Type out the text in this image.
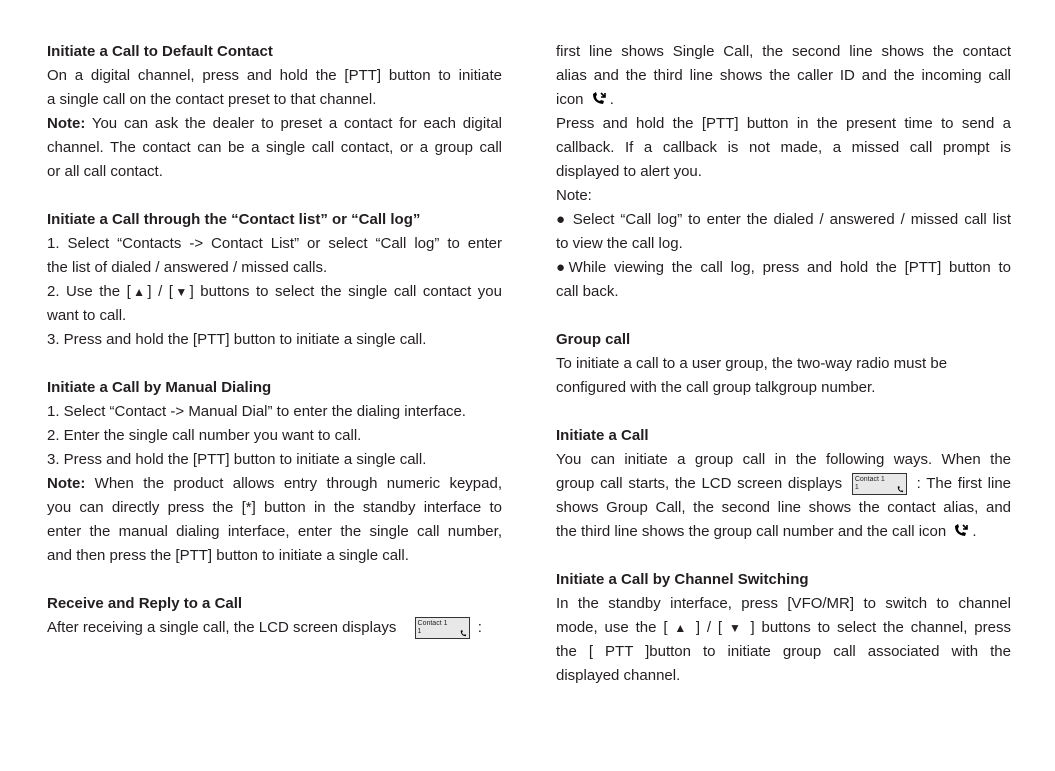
Initiate a Call to Default Contact

On a digital channel, press and hold the [PTT] button to initiate

a single call on the contact preset to that channel.

Note: You can ask the dealer to preset a contact for each digital

channel. The contact can be a single call contact, or a group call

or all call contact.

Initiate a Call through the “Contact list” or “Call log”

1. Select “Contacts -> Contact List” or select “Call log” to enter

the list of dialed / answered / missed calls.

2. Use the [▲] / [▼] buttons to select the single call contact you

want to call.

3. Press and hold the [PTT] button to initiate a single call.

Initiate a Call by Manual Dialing

1. Select “Contact -> Manual Dial” to enter the dialing interface.

2. Enter the single call number you want to call.

3. Press and hold the [PTT] button to initiate a single call.

Note: When the product allows entry through numeric keypad,

you can directly press the [*] button in the standby interface to

enter the manual dialing interface, enter the single call number,

and then press the [PTT] button to initiate a single call.

Receive and Reply to a Call

After receiving a single call, the LCD screen displays	Contact 1
1	:

first line shows Single Call, the second line shows the contact

alias and the third line shows the caller ID and the incoming call

icon .

Press and hold the [PTT] button in the present time to send a

callback. If a callback is not made, a missed call prompt is

displayed to alert you.

Note:

● Select “Call log” to enter the dialed / answered / missed call list

to view the call log.

●While viewing the call log, press and hold the [PTT] button to

call back.

Group call

To initiate a call to a user group, the two-way radio must be

configured with the call group talkgroup number.

Initiate a Call

You can initiate a group call in the following ways. When the

group call starts, the LCD screen displays Contact 1
1	: The first line

shows Group Call, the second line shows the contact alias, and

the third line shows the group call number and the call icon .

Initiate a Call by Channel Switching

In the standby interface, press [VFO/MR] to switch to channel

mode, use the [ ▲ ] / [ ▼ ] buttons to select the channel, press

the [ PTT ]button to initiate group call associated with the

displayed channel.
